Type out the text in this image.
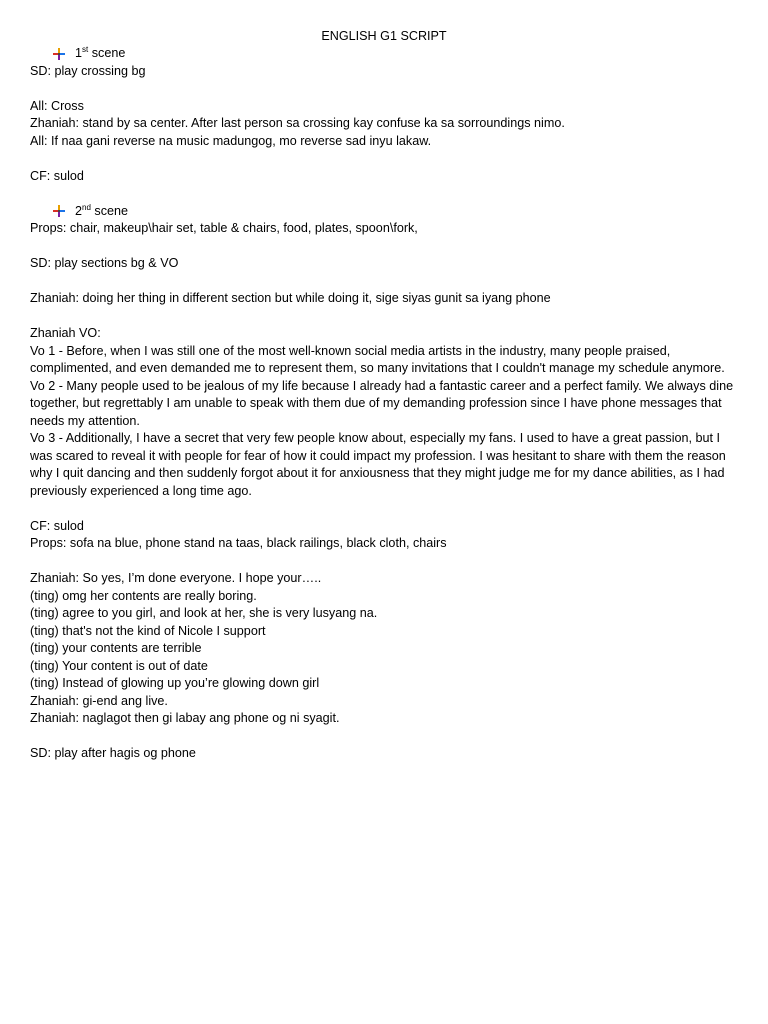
ENGLISH G1 SCRIPT
1st scene
SD: play crossing bg
All: Cross
Zhaniah: stand by sa center. After last person sa crossing kay confuse ka sa sorroundings nimo.
All: If naa gani reverse na music madungog, mo reverse sad inyu lakaw.
CF: sulod
2nd scene
Props: chair, makeup\hair set, table & chairs, food, plates, spoon\fork,
SD: play sections bg & VO
Zhaniah: doing her thing in different section but while doing it, sige siyas gunit sa iyang phone
Zhaniah VO:
Vo 1 - Before, when I was still one of the most well-known social media artists in the industry, many people praised, complimented, and even demanded me to represent them, so many invitations that I couldn't manage my schedule anymore.
Vo 2 - Many people used to be jealous of my life because I already had a fantastic career and a perfect family. We always dine together, but regrettably I am unable to speak with them due of my demanding profession since I have phone messages that needs my attention.
Vo 3 - Additionally, I have a secret that very few people know about, especially my fans. I used to have a great passion, but I was scared to reveal it with people for fear of how it could impact my profession. I was hesitant to share with them the reason why I quit dancing and then suddenly forgot about it for anxiousness that they might judge me for my dance abilities, as I had previously experienced a long time ago.
CF: sulod
Props: sofa na blue, phone stand na taas, black railings, black cloth, chairs
Zhaniah: So yes, I’m done everyone. I hope your…..
(ting) omg her contents are really boring.
(ting) agree to you girl, and look at her, she is very lusyang na.
(ting) that's not the kind of Nicole I support
(ting) your contents are terrible
(ting) Your content is out of date
(ting) Instead of glowing up you’re glowing down girl
Zhaniah: gi-end ang live.
Zhaniah: naglagot then gi labay ang phone og ni syagit.
SD: play after hagis og phone
